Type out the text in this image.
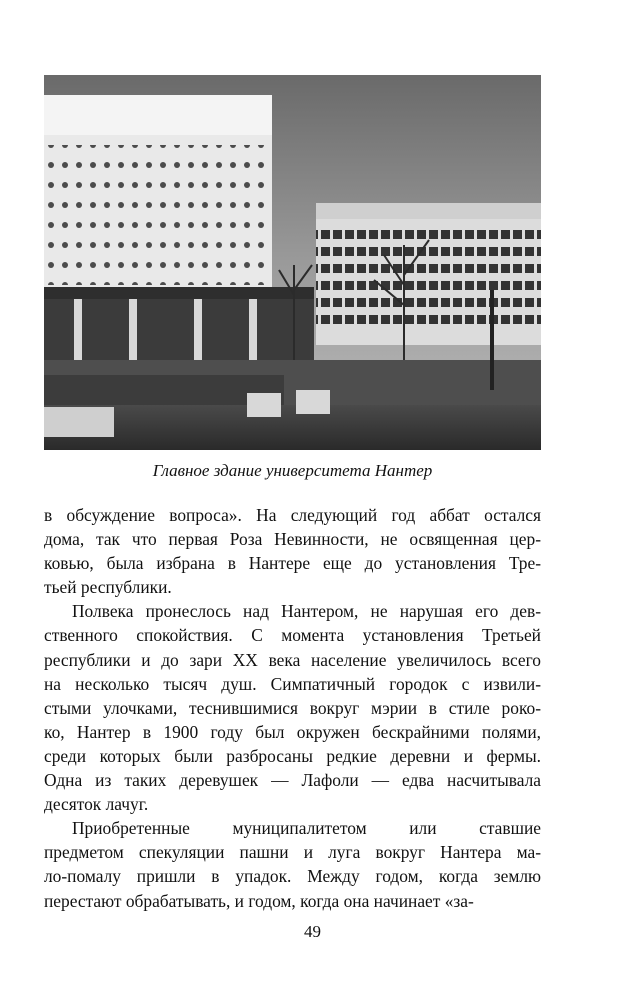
Главное здание университета Нантер

в обсуждение вопроса». На следующий год аббат остался
дома, так что первая Роза Невинности, не освященная цер-
ковью, была избрана в Нантере еще до установления Тре-
тьей республики.

Полвека пронеслось над Нантером, не нарушая его дев-
ственного спокойствия. С момента установления Третьей
республики и до зари XX века население увеличилось всего
на несколько тысяч душ. Симпатичный городок с извили-
стыми улочками, теснившимися вокруг мэрии в стиле роко-
ко, Нантер в 1900 году был окружен бескрайними полями,
среди которых были разбросаны редкие деревни и фермы.
Одна из таких деревушек — Лафоли — едва насчитывала
десяток лачуг.

Приобретенные муниципалитетом или ставшие
предметом спекуляции пашни и луга вокруг Нантера ма-
ло-помалу пришли в упадок. Между годом, когда землю
перестают обрабатывать, и годом, когда она начинает «за-

49
